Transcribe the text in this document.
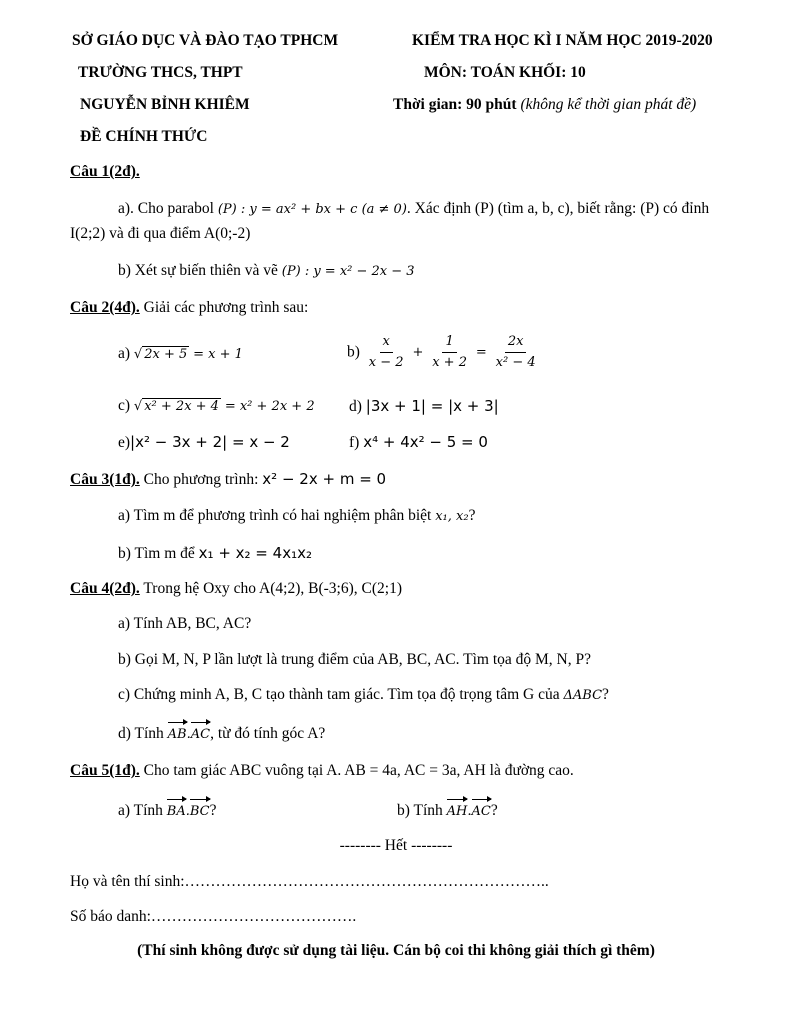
SỞ GIÁO DỤC VÀ ĐÀO TẠO TPHCM
TRƯỜNG THCS, THPT
NGUYỄN BỈNH KHIÊM
ĐỀ CHÍNH THỨC
KIỂM TRA HỌC KÌ I NĂM HỌC 2019-2020
MÔN: TOÁN KHỐI: 10
Thời gian: 90 phút (không kể thời gian phát đề)
Câu 1(2đ).
a). Cho parabol (P) : y = ax² + bx + c (a ≠ 0). Xác định (P) (tìm a, b, c), biết rằng: (P) có đỉnh
I(2;2) và đi qua điểm A(0;-2)
b) Xét sự biến thiên và vẽ (P) : y = x² − 2x − 3
Câu 2(4đ). Giải các phương trình sau:
a) √ 2x + 5 = x + 1	$b) \frac{x}{x - 2} + \frac{1}{x + 2} = \frac{2x}{\text{x² − 4}}$
c) √ x² + 2x + 4 = x² + 2x + 2 d) |3x + 1| = |x + 3|
e)|x² − 3x + 2| = x − 2	f) x⁴ + 4x² − 5 = 0
Câu 3(1đ). Cho phương trình: x² − 2x + m = 0
a) Tìm m để phương trình có hai nghiệm phân biệt x₁, x₂?
b) Tìm m để x₁ + x₂ = 4x₁x₂
Câu 4(2đ). Trong hệ Oxy cho A(4;2), B(-3;6), C(2;1)
a) Tính AB, BC, AC?
b) Gọi M, N, P lần lượt là trung điểm của AB, BC, AC. Tìm tọa độ M, N, P?
c) Chứng minh A, B, C tạo thành tam giác. Tìm tọa độ trọng tâm G của ΔABC?
d) Tính AB.AC, từ đó tính góc A?
Câu 5(1đ). Cho tam giác ABC vuông tại A. AB = 4a, AC = 3a, AH là đường cao.
a) Tính BA.BC?	b) Tính AH.AC?
-------- Hết --------
Họ và tên thí sinh:……………………………………………………………..
Số báo danh:………………………………….
(Thí sinh không được sử dụng tài liệu. Cán bộ coi thi không giải thích gì thêm)
